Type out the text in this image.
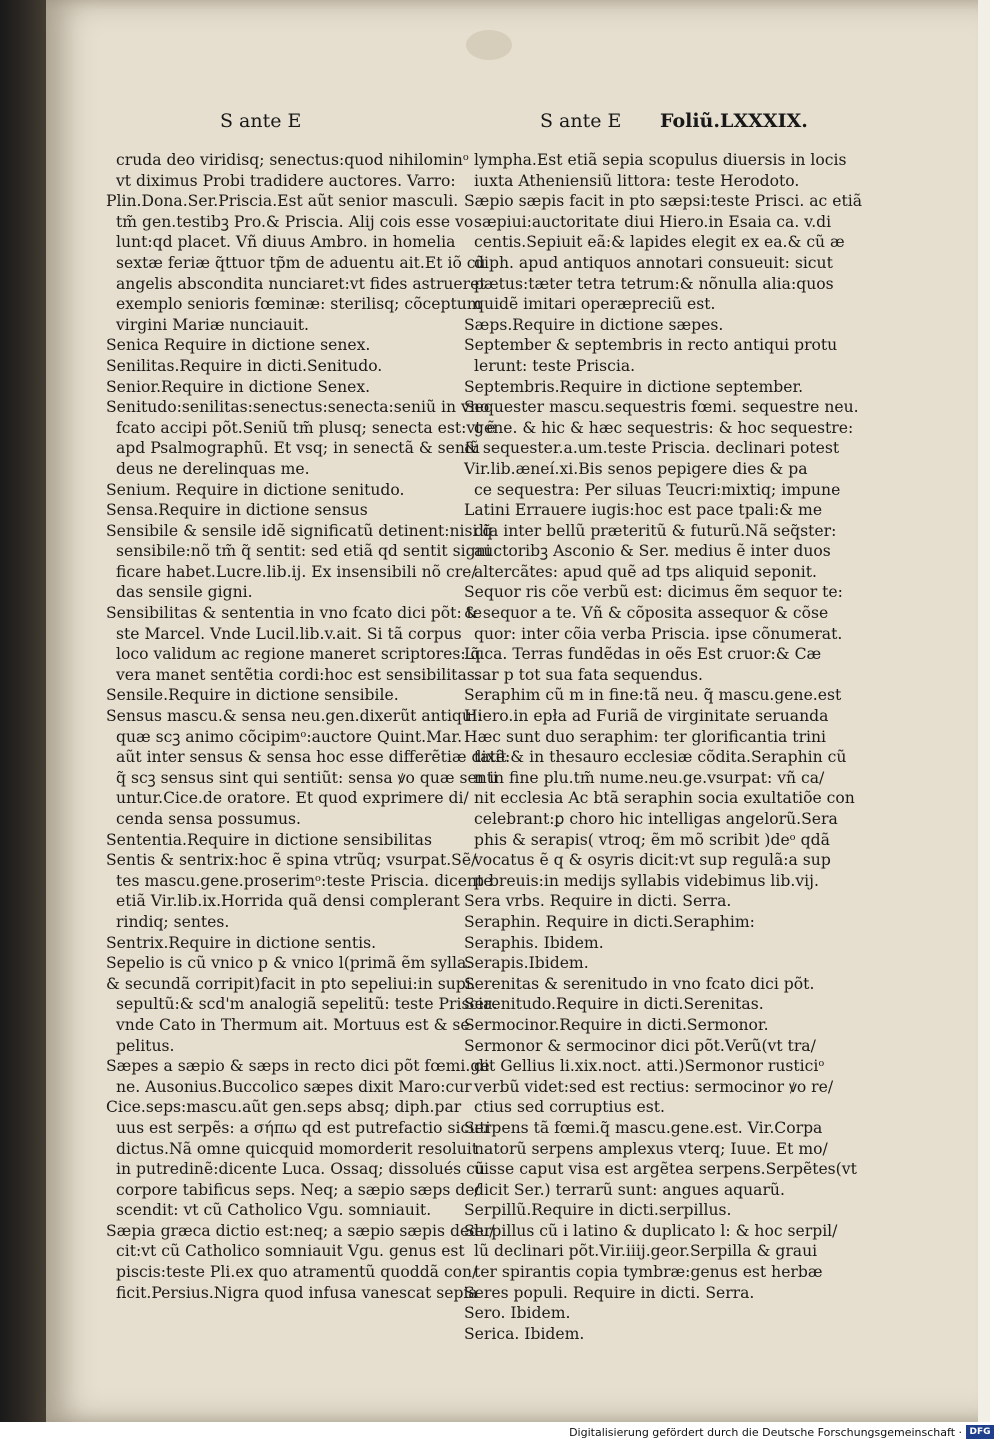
S ante E	S ante E Foliũ.LXXXIX.
cruda deo viridisq; senectus:quod nihilominᵒ
vt diximus Probi tradidere auctores. Varro:
Plin.Dona.Ser.Priscia.Est aũt senior masculi.
tm̃ gen.testibꝫ Pro.& Priscia. Alij cois esse vo
lunt:qd placet. Vñ diuus Ambro. in homelia
sextæ feriæ q̃ttuor tp̃m de aduentu ait.Et iõ cũ
angelis abscondita nunciaret:vt fides astrueret
exemplo senioris fœminæ: sterilisq; cõceptum
virgini Mariæ nunciauit.
Senica Require in dictione senex.
Senilitas.Require in dicti.Senitudo.
Senior.Require in dictione Senex.
Senitudo:senilitas:senectus:senecta:seniũ in vno
fcato accipi põt.Seniũ tm̃ plusq; senecta est:vt ẽ
apd Psalmographũ. Et vsq; in senectã & seniũ
deus ne derelinquas me.
Senium. Require in dictione senitudo.
Sensa.Require in dictione sensus
Sensibile & sensile idẽ significatũ detinent:nisi q̃
sensibile:nõ tm̃ q̃ sentit: sed etiã qd sentit signi
ficare habet.Lucre.lib.ij. Ex insensibili nõ cre/
das sensile gigni.
Sensibilitas & sententia in vno fcato dici põt: te
ste Marcel. Vnde Lucil.lib.v.ait. Si tã corpus
loco validum ac regione maneret scriptores: q̃
vera manet sentẽtia cordi:hoc est sensibilitas.
Sensile.Require in dictione sensibile.
Sensus mascu.& sensa neu.gen.dixerũt antiqui:
quæ scꝫ animo cõcipimᵒ:auctore Quint.Mar.
aũt inter sensus & sensa hoc esse differẽtiæ dixit
q̃ scꝫ sensus sint qui sentiũt: sensa ꝟo quæ senti
untur.Cice.de oratore. Et quod exprimere di/
cenda sensa possumus.
Sententia.Require in dictione sensibilitas
Sentis & sentrix:hoc ẽ spina vtrũq; vsurpat.Sẽ/
tes mascu.gene.proserimᵒ:teste Priscia. dicente
etiã Vir.lib.ix.Horrida quã densi complerant
rindiq; sentes.
Sentrix.Require in dictione sentis.
Sepelio is cũ vnico p & vnico l(primã ẽm sylla.
& secundã corripit)facit in pto sepeliui:in supi.
sepultũ:& scd'm analogiã sepelitũ: teste Priscia.
vnde Cato in Thermum ait. Mortuus est & se
pelitus.
Sæpes a sæpio & sæps in recto dici põt fœmi.ge
ne. Ausonius.Buccolico sæpes dixit Maro:cur
Cice.seps:mascu.aũt gen.seps absq; diph.par
uus est serpẽs: a σήπω qd est putrefactio sicuti
dictus.Nã omne quicquid momorderit resoluit
in putredinẽ:dicente Luca. Ossaq; dissolués cũ
corpore tabificus seps. Neq; a sæpio sæps de/
scendit: vt cũ Catholico Vgu. somniauit.
Sæpia græca dictio est:neq; a sæpio sæpis dedu/
cit:vt cũ Catholico somniauit Vgu. genus est
piscis:teste Pli.ex quo atramentũ quoddã con/
ficit.Persius.Nigra quod infusa vanescat sepia
lympha.Est etiã sepia scopulus diuersis in locis
iuxta Atheniensiũ littora: teste Herodoto.
Sæpio sæpis facit in pto sæpsi:teste Prisci. ac etiã
sæpiui:auctoritate diui Hiero.in Esaia ca. v.di
centis.Sepiuit eã:& lapides elegit ex ea.& cũ æ
diph. apud antiquos annotari consueuit: sicut
pætus:tæter tetra tetrum:& nõnulla alia:quos
quidẽ imitari operæpreciũ est.
Sæps.Require in dictione sæpes.
September & septembris in recto antiqui protu
lerunt: teste Priscia.
Septembris.Require in dictione september.
Sequester mascu.sequestris fœmi. sequestre neu.
gene. & hic & hæc sequestris: & hoc sequestre:
& sequester.a.um.teste Priscia. declinari potest
Vir.lib.æneí.xi.Bis senos pepigere dies & pa
ce sequestra: Per siluas Teucri:mixtiq; impune
Latini Errauere iugis:hoc est pace tpali:& me
dia inter bellũ præteritũ & futurũ.Nã seq̃ster:
auctoribꝫ Asconio & Ser. medius ẽ inter duos
altercãtes: apud quẽ ad tps aliquid seponit.
Sequor ris cõe verbũ est: dicimus ẽm sequor te:
& sequor a te. Vñ & cõposita assequor & cõse
quor: inter cõia verba Priscia. ipse cõnumerat.
Luca. Terras fundẽdas in oẽs Est cruor:& Cæ
sar p tot sua fata sequendus.
Seraphim cũ m in fine:tã neu. q̃ mascu.gene.est
Hiero.in epła ad Furiã de virginitate seruanda
Hæc sunt duo seraphim: ter glorificantia trini
tatẽ:& in thesauro ecclesiæ cõdita.Seraphin cũ
n in fine plu.tm̃ nume.neu.ge.vsurpat: vñ ca/
nit ecclesia Ac btã seraphin socia exultatiõe con
celebrant:ꝑ choro hic intelligas angelorũ.Sera
phis & serapis( vtroq; ẽm mõ scribit )deᵒ qdã
vocatus ẽ q & osyris dicit:vt sup regulã:a sup
p breuis:in medijs syllabis videbimus lib.vij.
Sera vrbs. Require in dicti. Serra.
Seraphin. Require in dicti.Seraphim:
Seraphis. Ibidem.
Serapis.Ibidem.
Serenitas & serenitudo in vno fcato dici põt.
Serenitudo.Require in dicti.Serenitas.
Sermocinor.Require in dicti.Sermonor.
Sermonor & sermocinor dici põt.Verũ(vt tra/
dit Gellius li.xix.noct. atti.)Sermonor rusticiᵒ
verbũ videt:sed est rectius: sermocinor ꝟo re/
ctius sed corruptius est.
Serpens tã fœmi.q̃ mascu.gene.est. Vir.Corpa
natorũ serpens amplexus vterq; Iuue. Et mo/
uisse caput visa est argẽtea serpens.Serpẽtes(vt
dicit Ser.) terrarũ sunt: angues aquarũ.
Serpillũ.Require in dicti.serpillus.
Serpillus cũ i latino & duplicato l: & hoc serpil/
lũ declinari põt.Vir.iiij.geor.Serpilla & graui
ter spirantis copia tymbræ:genus est herbæ
Seres populi. Require in dicti. Serra.
Sero. Ibidem.
Serica. Ibidem.
Digitalisierung gefördert durch die Deutsche Forschungsgemeinschaft · DFG
